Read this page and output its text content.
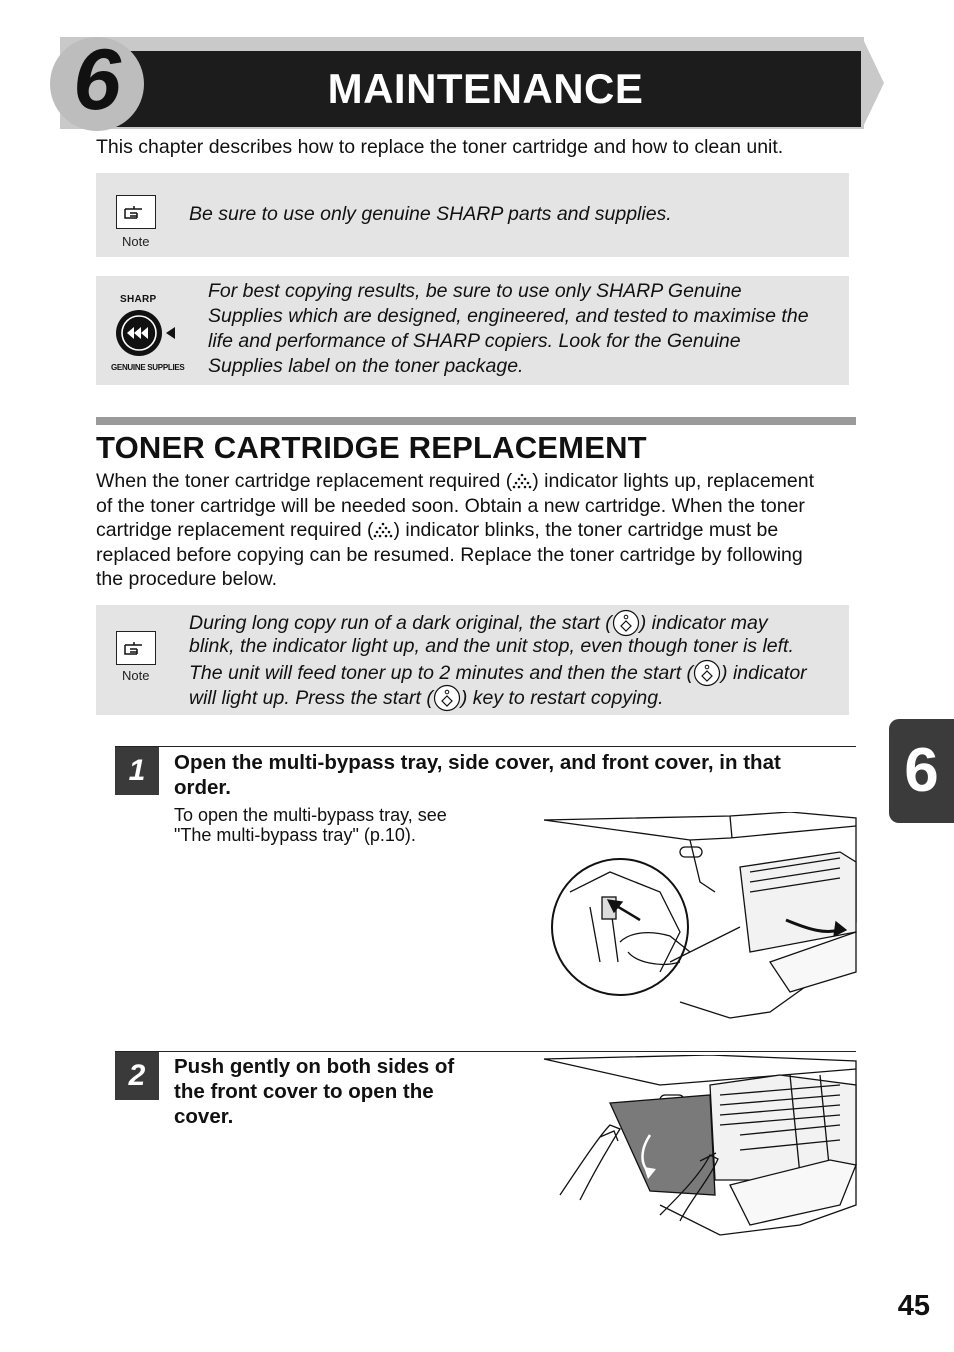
6	MAINTENANCE
This chapter describes how to replace the toner cartridge and how to clean unit.
Note
Be sure to use only genuine SHARP parts and supplies.
SHARP
GENUINE SUPPLIES
For best copying results, be sure to use only SHARP Genuine
Supplies which are designed, engineered, and tested to maximise the
life and performance of SHARP copiers. Look for the Genuine
Supplies label on the toner package.
TONER CARTRIDGE REPLACEMENT
When the toner cartridge replacement required ( ) indicator lights up, replacement
of the toner cartridge will be needed soon. Obtain a new cartridge. When the toner
cartridge replacement required ( ) indicator blinks, the toner cartridge must be
replaced before copying can be resumed. Replace the toner cartridge by following
the procedure below.
Note
During long copy run of a dark original, the start ( ) indicator may
blink, the indicator light up, and the unit stop, even though toner is left.
The unit will feed toner up to 2 minutes and then the start ( ) indicator
will light up. Press the start ( ) key to restart copying.
1	Open the multi-bypass tray, side cover, and front cover, in that
order.
To open the multi-bypass tray, see
"The multi-bypass tray" (p.10).
2	Push gently on both sides of
the front cover to open the
cover.
6
45
